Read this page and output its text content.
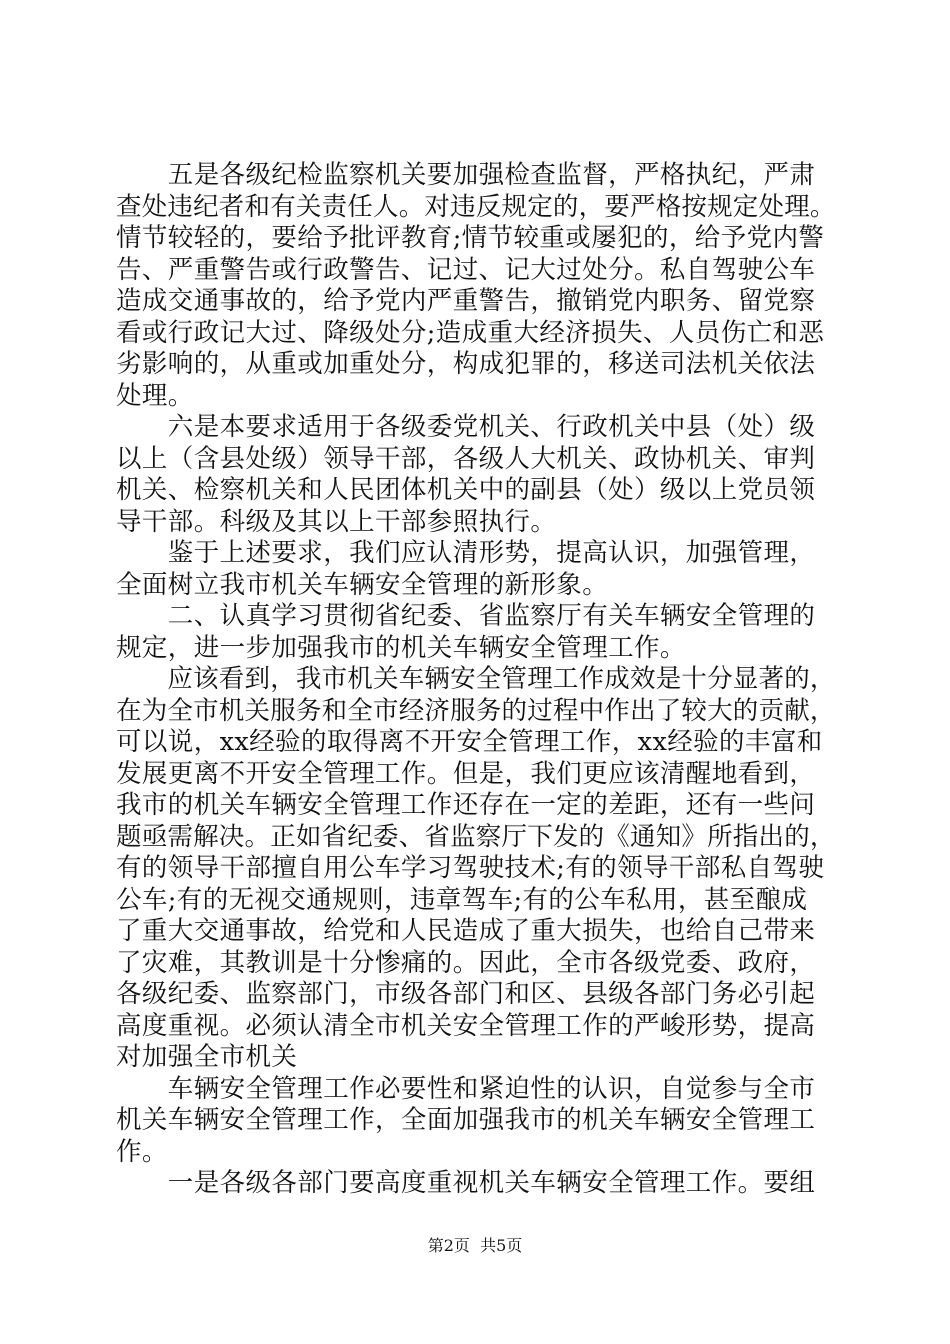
　　五是各级纪检监察机关要加强检查监督，严格执纪，严肃
查处违纪者和有关责任人。对违反规定的，要严格按规定处理。
情节较轻的，要给予批评教育;情节较重或屡犯的，给予党内警
告、严重警告或行政警告、记过、记大过处分。私自驾驶公车
造成交通事故的，给予党内严重警告，撤销党内职务、留党察
看或行政记大过、降级处分;造成重大经济损失、人员伤亡和恶
劣影响的，从重或加重处分，构成犯罪的，移送司法机关依法
处理。
　　六是本要求适用于各级委党机关、行政机关中县（处）级
以上（含县处级）领导干部，各级人大机关、政协机关、审判
机关、检察机关和人民团体机关中的副县（处）级以上党员领
导干部。科级及其以上干部参照执行。
　　鉴于上述要求，我们应认清形势，提高认识，加强管理，
全面树立我市机关车辆安全管理的新形象。
　　二、认真学习贯彻省纪委、省监察厅有关车辆安全管理的
规定，进一步加强我市的机关车辆安全管理工作。
　　应该看到，我市机关车辆安全管理工作成效是十分显著的，
在为全市机关服务和全市经济服务的过程中作出了较大的贡献，
可以说，xx经验的取得离不开安全管理工作，xx经验的丰富和
发展更离不开安全管理工作。但是，我们更应该清醒地看到，
我市的机关车辆安全管理工作还存在一定的差距，还有一些问
题亟需解决。正如省纪委、省监察厅下发的《通知》所指出的，
有的领导干部擅自用公车学习驾驶技术;有的领导干部私自驾驶
公车;有的无视交通规则，违章驾车;有的公车私用，甚至酿成
了重大交通事故，给党和人民造成了重大损失，也给自己带来
了灾难，其教训是十分惨痛的。因此，全市各级党委、政府，
各级纪委、监察部门，市级各部门和区、县级各部门务必引起
高度重视。必须认清全市机关安全管理工作的严峻形势，提高
对加强全市机关
　　车辆安全管理工作必要性和紧迫性的认识，自觉参与全市
机关车辆安全管理工作，全面加强我市的机关车辆安全管理工
作。
　　一是各级各部门要高度重视机关车辆安全管理工作。要组
第2页  共5页
